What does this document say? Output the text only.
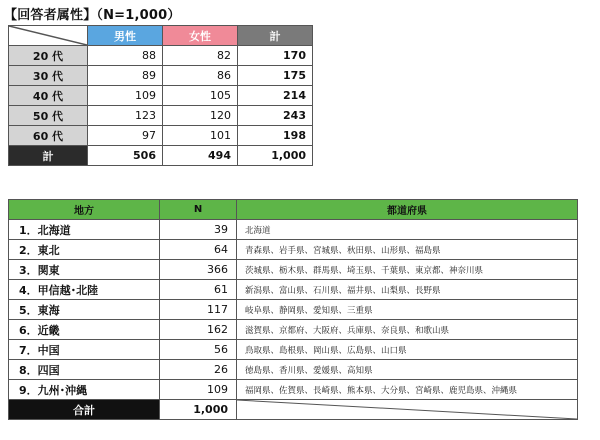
【回答者属性】（N=1,000）
	男性	女性	計
20 代	88	82	170
30 代	89	86	175
40 代	109	105	214
50 代	123	120	243
60 代	97	101	198
計	506	494	1,000
地方	N	都道府県
1．北海道	39	北海道
2．東北	64	青森県、岩手県、宮城県、秋田県、山形県、福島県
3．関東	366	茨城県、栃木県、群馬県、埼玉県、千葉県、東京都、神奈川県
4．甲信越･北陸	61	新潟県、富山県、石川県、福井県、山梨県、長野県
5．東海	117	岐阜県、静岡県、愛知県、三重県
6．近畿	162	滋賀県、京都府、大阪府、兵庫県、奈良県、和歌山県
7．中国	56	鳥取県、島根県、岡山県、広島県、山口県
8．四国	26	徳島県、香川県、愛媛県、高知県
9．九州･沖縄	109	福岡県、佐賀県、長崎県、熊本県、大分県、宮崎県、鹿児島県、沖縄県
合計	1,000	
